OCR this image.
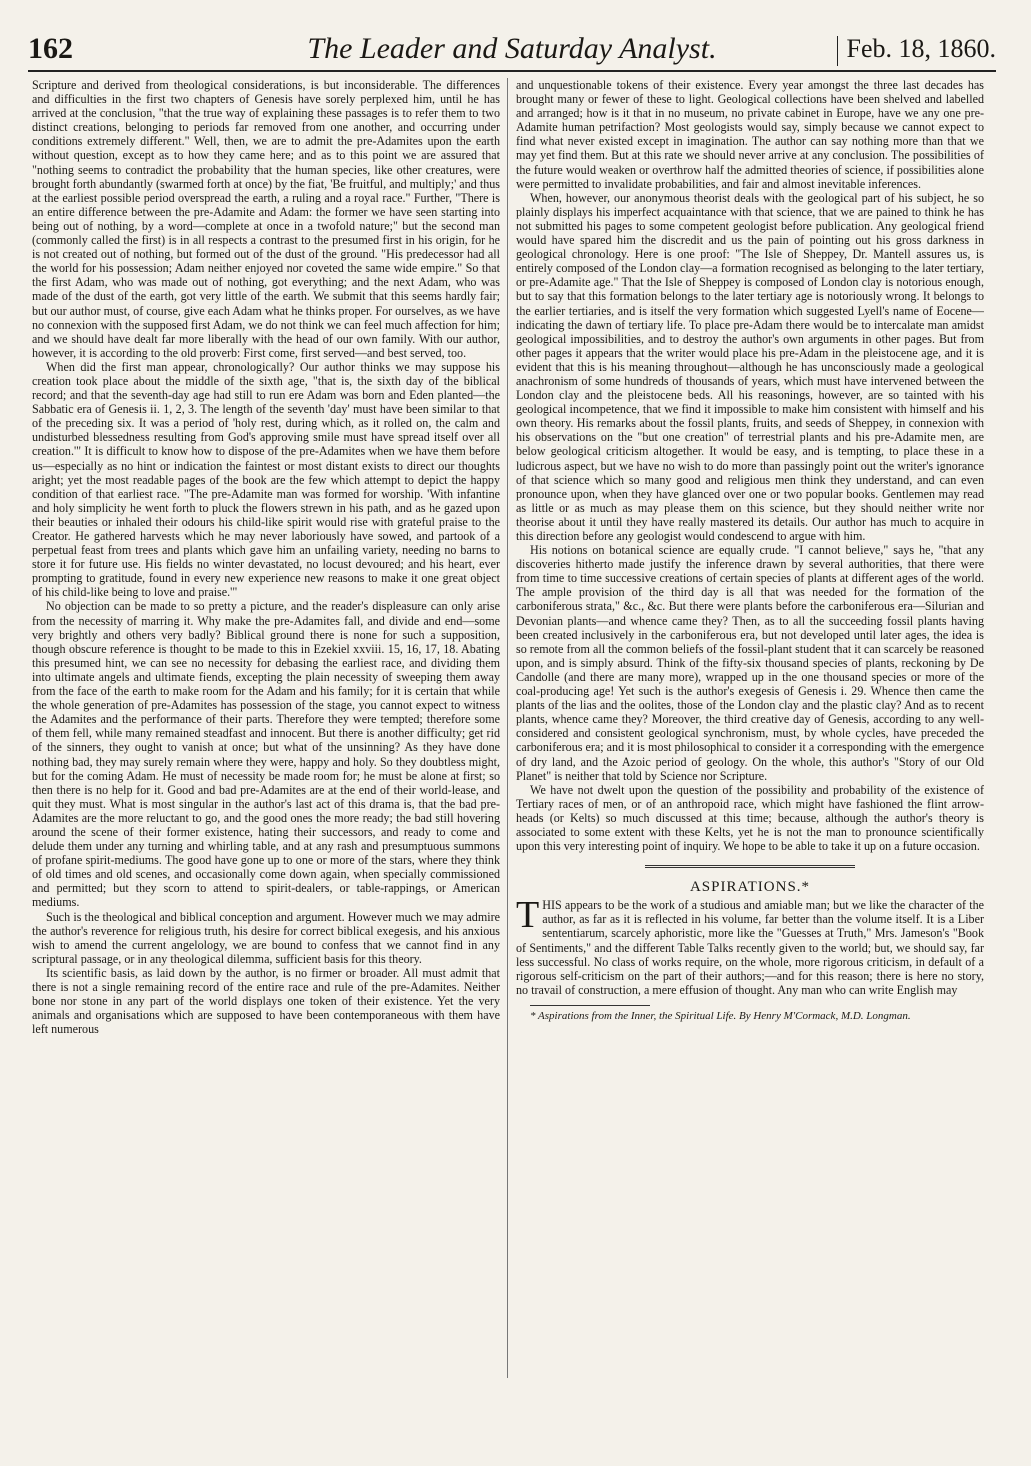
162	The Leader and Saturday Analyst.	Feb. 18, 1860.

Scripture and derived from theological considerations, is but inconsiderable. The differences and difficulties in the first two chapters of Genesis have sorely perplexed him, until he has arrived at the conclusion, "that the true way of explaining these passages is to refer them to two distinct creations, belonging to periods far removed from one another, and occurring under conditions extremely different." Well, then, we are to admit the pre-Adamites upon the earth without question, except as to how they came here; and as to this point we are assured that "nothing seems to contradict the probability that the human species, like other creatures, were brought forth abundantly (swarmed forth at once) by the fiat, 'Be fruitful, and multiply;' and thus at the earliest possible period overspread the earth, a ruling and a royal race." Further, "There is an entire difference between the pre-Adamite and Adam: the former we have seen starting into being out of nothing, by a word—complete at once in a twofold nature;" but the second man (commonly called the first) is in all respects a contrast to the presumed first in his origin, for he is not created out of nothing, but formed out of the dust of the ground. "His predecessor had all the world for his possession; Adam neither enjoyed nor coveted the same wide empire." So that the first Adam, who was made out of nothing, got everything; and the next Adam, who was made of the dust of the earth, got very little of the earth. We submit that this seems hardly fair; but our author must, of course, give each Adam what he thinks proper. For ourselves, as we have no connexion with the supposed first Adam, we do not think we can feel much affection for him; and we should have dealt far more liberally with the head of our own family. With our author, however, it is according to the old proverb: First come, first served—and best served, too.

When did the first man appear, chronologically? Our author thinks we may suppose his creation took place about the middle of the sixth age, "that is, the sixth day of the biblical record; and that the seventh-day age had still to run ere Adam was born and Eden planted—the Sabbatic era of Genesis ii. 1, 2, 3. The length of the seventh 'day' must have been similar to that of the preceding six. It was a period of 'holy rest, during which, as it rolled on, the calm and undisturbed blessedness resulting from God's approving smile must have spread itself over all creation.'" It is difficult to know how to dispose of the pre-Adamites when we have them before us—especially as no hint or indication the faintest or most distant exists to direct our thoughts aright; yet the most readable pages of the book are the few which attempt to depict the happy condition of that earliest race. "The pre-Adamite man was formed for worship. 'With infantine and holy simplicity he went forth to pluck the flowers strewn in his path, and as he gazed upon their beauties or inhaled their odours his child-like spirit would rise with grateful praise to the Creator. He gathered harvests which he may never laboriously have sowed, and partook of a perpetual feast from trees and plants which gave him an unfailing variety, needing no barns to store it for future use. His fields no winter devastated, no locust devoured; and his heart, ever prompting to gratitude, found in every new experience new reasons to make it one great object of his child-like being to love and praise.'"

No objection can be made to so pretty a picture, and the reader's displeasure can only arise from the necessity of marring it. Why make the pre-Adamites fall, and divide and end—some very brightly and others very badly? Biblical ground there is none for such a supposition, though obscure reference is thought to be made to this in Ezekiel xxviii. 15, 16, 17, 18. Abating this presumed hint, we can see no necessity for debasing the earliest race, and dividing them into ultimate angels and ultimate fiends, excepting the plain necessity of sweeping them away from the face of the earth to make room for the Adam and his family; for it is certain that while the whole generation of pre-Adamites has possession of the stage, you cannot expect to witness the Adamites and the performance of their parts. Therefore they were tempted; therefore some of them fell, while many remained steadfast and innocent. But there is another difficulty; get rid of the sinners, they ought to vanish at once; but what of the unsinning? As they have done nothing bad, they may surely remain where they were, happy and holy. So they doubtless might, but for the coming Adam. He must of necessity be made room for; he must be alone at first; so then there is no help for it. Good and bad pre-Adamites are at the end of their world-lease, and quit they must. What is most singular in the author's last act of this drama is, that the bad pre-Adamites are the more reluctant to go, and the good ones the more ready; the bad still hovering around the scene of their former existence, hating their successors, and ready to come and delude them under any turning and whirling table, and at any rash and presumptuous summons of profane spirit-mediums. The good have gone up to one or more of the stars, where they think of old times and old scenes, and occasionally come down again, when specially commissioned and permitted; but they scorn to attend to spirit-dealers, or table-rappings, or American mediums.

Such is the theological and biblical conception and argument. However much we may admire the author's reverence for religious truth, his desire for correct biblical exegesis, and his anxious wish to amend the current angelology, we are bound to confess that we cannot find in any scriptural passage, or in any theological dilemma, sufficient basis for this theory.

Its scientific basis, as laid down by the author, is no firmer or broader. All must admit that there is not a single remaining record of the entire race and rule of the pre-Adamites. Neither bone nor stone in any part of the world displays one token of their existence. Yet the very animals and organisations which are supposed to have been contemporaneous with them have left numerous

and unquestionable tokens of their existence. Every year amongst the three last decades has brought many or fewer of these to light. Geological collections have been shelved and labelled and arranged; how is it that in no museum, no private cabinet in Europe, have we any one pre-Adamite human petrifaction? Most geologists would say, simply because we cannot expect to find what never existed except in imagination. The author can say nothing more than that we may yet find them. But at this rate we should never arrive at any conclusion. The possibilities of the future would weaken or overthrow half the admitted theories of science, if possibilities alone were permitted to invalidate probabilities, and fair and almost inevitable inferences.

When, however, our anonymous theorist deals with the geological part of his subject, he so plainly displays his imperfect acquaintance with that science, that we are pained to think he has not submitted his pages to some competent geologist before publication. Any geological friend would have spared him the discredit and us the pain of pointing out his gross darkness in geological chronology. Here is one proof: "The Isle of Sheppey, Dr. Mantell assures us, is entirely composed of the London clay—a formation recognised as belonging to the later tertiary, or pre-Adamite age." That the Isle of Sheppey is composed of London clay is notorious enough, but to say that this formation belongs to the later tertiary age is notoriously wrong. It belongs to the earlier tertiaries, and is itself the very formation which suggested Lyell's name of Eocene—indicating the dawn of tertiary life. To place pre-Adam there would be to intercalate man amidst geological impossibilities, and to destroy the author's own arguments in other pages. But from other pages it appears that the writer would place his pre-Adam in the pleistocene age, and it is evident that this is his meaning throughout—although he has unconsciously made a geological anachronism of some hundreds of thousands of years, which must have intervened between the London clay and the pleistocene beds. All his reasonings, however, are so tainted with his geological incompetence, that we find it impossible to make him consistent with himself and his own theory. His remarks about the fossil plants, fruits, and seeds of Sheppey, in connexion with his observations on the "but one creation" of terrestrial plants and his pre-Adamite men, are below geological criticism altogether. It would be easy, and is tempting, to place these in a ludicrous aspect, but we have no wish to do more than passingly point out the writer's ignorance of that science which so many good and religious men think they understand, and can even pronounce upon, when they have glanced over one or two popular books. Gentlemen may read as little or as much as may please them on this science, but they should neither write nor theorise about it until they have really mastered its details. Our author has much to acquire in this direction before any geologist would condescend to argue with him.

His notions on botanical science are equally crude. "I cannot believe," says he, "that any discoveries hitherto made justify the inference drawn by several authorities, that there were from time to time successive creations of certain species of plants at different ages of the world. The ample provision of the third day is all that was needed for the formation of the carboniferous strata," &c., &c. But there were plants before the carboniferous era—Silurian and Devonian plants—and whence came they? Then, as to all the succeeding fossil plants having been created inclusively in the carboniferous era, but not developed until later ages, the idea is so remote from all the common beliefs of the fossil-plant student that it can scarcely be reasoned upon, and is simply absurd. Think of the fifty-six thousand species of plants, reckoning by De Candolle (and there are many more), wrapped up in the one thousand species or more of the coal-producing age! Yet such is the author's exegesis of Genesis i. 29. Whence then came the plants of the lias and the oolites, those of the London clay and the plastic clay? And as to recent plants, whence came they? Moreover, the third creative day of Genesis, according to any well-considered and consistent geological synchronism, must, by whole cycles, have preceded the carboniferous era; and it is most philosophical to consider it a corresponding with the emergence of dry land, and the Azoic period of geology. On the whole, this author's "Story of our Old Planet" is neither that told by Science nor Scripture.

We have not dwelt upon the question of the possibility and probability of the existence of Tertiary races of men, or of an anthropoid race, which might have fashioned the flint arrow-heads (or Kelts) so much discussed at this time; because, although the author's theory is associated to some extent with these Kelts, yet he is not the man to pronounce scientifically upon this very interesting point of inquiry. We hope to be able to take it up on a future occasion.

ASPIRATIONS.*
T HIS appears to be the work of a studious and amiable man; but we like the character of the author, as far as it is reflected in his volume, far better than the volume itself. It is a Liber sententiarum, scarcely aphoristic, more like the "Guesses at Truth," Mrs. Jameson's "Book of Sentiments," and the different Table Talks recently given to the world; but, we should say, far less successful. No class of works require, on the whole, more rigorous criticism, in default of a rigorous self-criticism on the part of their authors;—and for this reason; there is here no story, no travail of construction, a mere effusion of thought. Any man who can write English may

* Aspirations from the Inner, the Spiritual Life. By Henry M'Cormack, M.D. Longman.
